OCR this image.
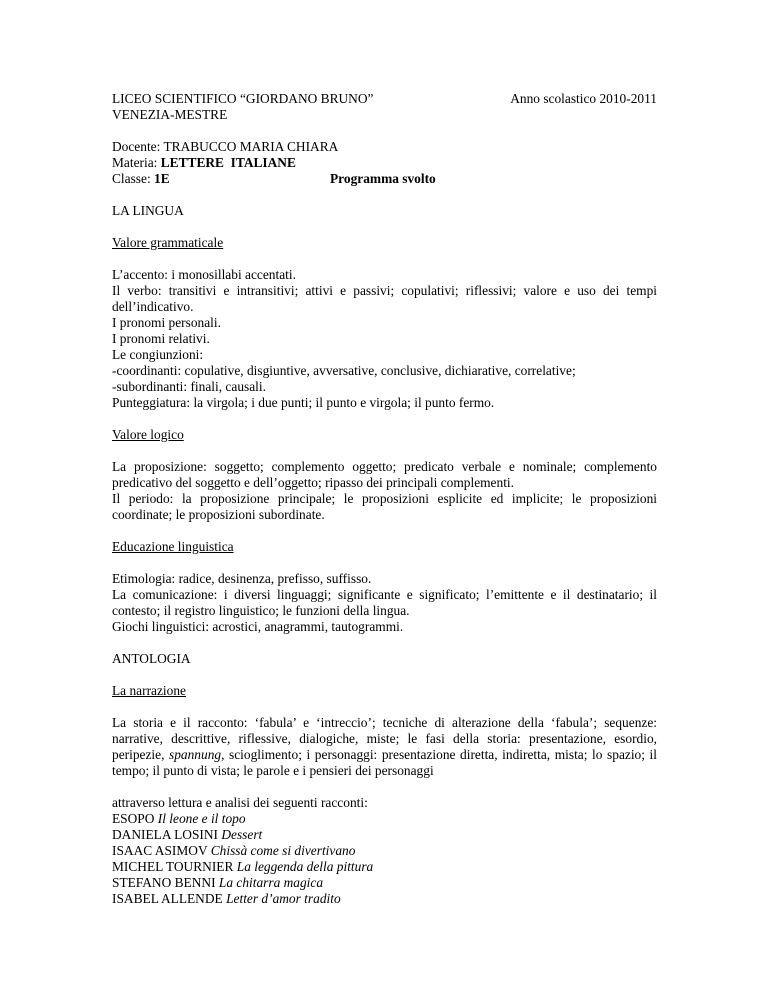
LICEO SCIENTIFICO “GIORDANO BRUNO”
VENEZIA-MESTRE
Anno scolastico 2010-2011
Docente: TRABUCCO MARIA CHIARA
Materia: LETTERE  ITALIANE
Classe: 1E	Programma svolto
LA LINGUA
Valore grammaticale
L’accento: i monosillabi accentati.
Il verbo: transitivi e intransitivi; attivi e passivi; copulativi; riflessivi; valore e uso dei tempi dell’indicativo.
I pronomi personali.
I pronomi relativi.
Le congiunzioni:
-coordinanti: copulative, disgiuntive, avversative, conclusive, dichiarative, correlative;
-subordinanti: finali, causali.
Punteggiatura: la virgola; i due punti; il punto e virgola; il punto fermo.
Valore logico
La proposizione: soggetto; complemento oggetto; predicato verbale e nominale; complemento predicativo del soggetto e dell’oggetto; ripasso dei principali complementi.
Il periodo: la proposizione principale; le proposizioni esplicite ed implicite; le proposizioni coordinate; le proposizioni subordinate.
Educazione linguistica
Etimologia: radice, desinenza, prefisso, suffisso.
La comunicazione: i diversi linguaggi; significante e significato; l’emittente e il destinatario; il contesto; il registro linguistico; le funzioni della lingua.
Giochi linguistici: acrostici, anagrammi, tautogrammi.
ANTOLOGIA
La narrazione
La storia e il racconto: ‘fabula’ e ‘intreccio’; tecniche di alterazione della ‘fabula’; sequenze: narrative, descrittive, riflessive, dialogiche, miste; le fasi della storia: presentazione, esordio, peripezie, spannung, scioglimento; i personaggi: presentazione diretta, indiretta, mista; lo spazio; il tempo; il punto di vista; le parole e i pensieri dei personaggi
attraverso lettura e analisi dei seguenti racconti:
ESOPO Il leone e il topo
DANIELA LOSINI Dessert
ISAAC ASIMOV Chissà come si divertivano
MICHEL TOURNIER La leggenda della pittura
STEFANO BENNI La chitarra magica
ISABEL ALLENDE Letter d’amor tradito
